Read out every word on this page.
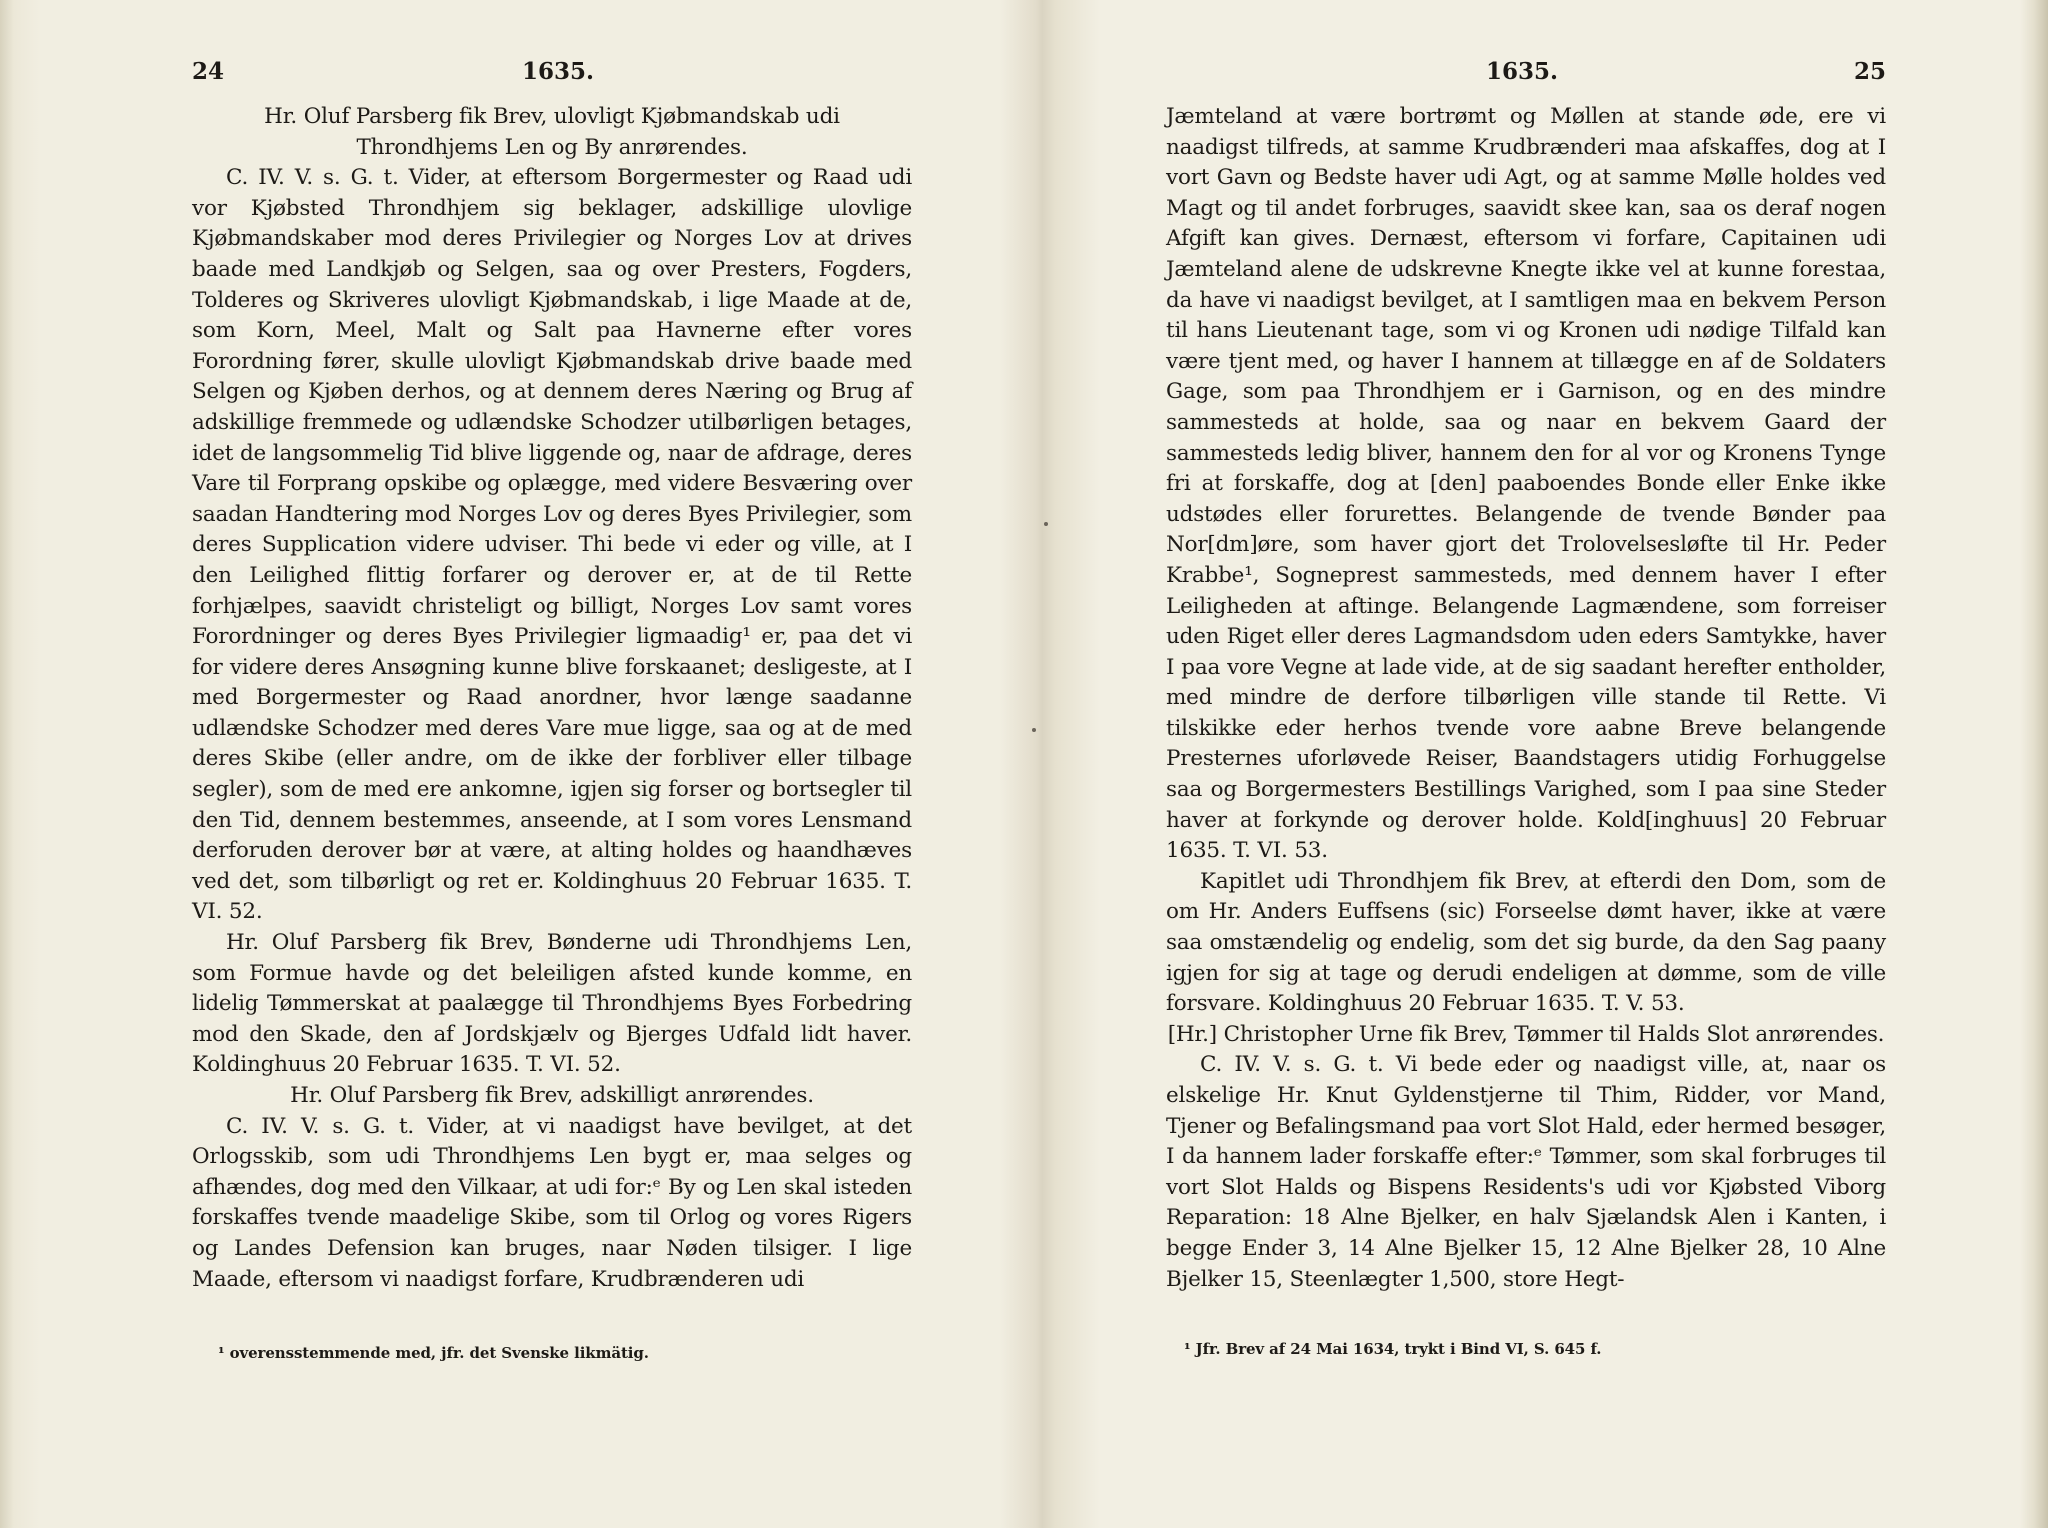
24	1635.

Hr. Oluf Parsberg fik Brev, ulovligt Kjøbmandskab udi Throndhjems Len og By anrørendes.

C. IV. V. s. G. t. Vider, at eftersom Borgermester og Raad udi vor Kjøbsted Throndhjem sig beklager, adskillige ulovlige Kjøbmandskaber mod deres Privilegier og Norges Lov at drives baade med Landkjøb og Selgen, saa og over Presters, Fogders, Tolderes og Skriveres ulovligt Kjøbmandskab, i lige Maade at de, som Korn, Meel, Malt og Salt paa Havnerne efter vores Forordning fører, skulle ulovligt Kjøbmandskab drive baade med Selgen og Kjøben derhos, og at dennem deres Næring og Brug af adskillige fremmede og udlændske Schodzer utilbørligen betages, idet de langsommelig Tid blive liggende og, naar de afdrage, deres Vare til Forprang opskibe og oplægge, med videre Besværing over saadan Handtering mod Norges Lov og deres Byes Privilegier, som deres Supplication videre udviser. Thi bede vi eder og ville, at I den Leilighed flittig forfarer og derover er, at de til Rette forhjælpes, saavidt christeligt og billigt, Norges Lov samt vores Forordninger og deres Byes Privilegier ligmaadig¹ er, paa det vi for videre deres Ansøgning kunne blive forskaanet; desligeste, at I med Borgermester og Raad anordner, hvor længe saadanne udlændske Schodzer med deres Vare mue ligge, saa og at de med deres Skibe (eller andre, om de ikke der forbliver eller tilbage segler), som de med ere ankomne, igjen sig forser og bortsegler til den Tid, dennem bestemmes, anseende, at I som vores Lensmand derforuden derover bør at være, at alting holdes og haandhæves ved det, som tilbørligt og ret er. Koldinghuus 20 Februar 1635. T. VI. 52.

Hr. Oluf Parsberg fik Brev, Bønderne udi Throndhjems Len, som Formue havde og det beleiligen afsted kunde komme, en lidelig Tømmerskat at paalægge til Throndhjems Byes Forbedring mod den Skade, den af Jordskjælv og Bjerges Udfald lidt haver. Koldinghuus 20 Februar 1635. T. VI. 52.

Hr. Oluf Parsberg fik Brev, adskilligt anrørendes.

C. IV. V. s. G. t. Vider, at vi naadigst have bevilget, at det Orlogsskib, som udi Throndhjems Len bygt er, maa selges og afhændes, dog med den Vilkaar, at udi for:ᵉ By og Len skal isteden forskaffes tvende maadelige Skibe, som til Orlog og vores Rigers og Landes Defension kan bruges, naar Nøden tilsiger. I lige Maade, eftersom vi naadigst forfare, Krudbrænderen udi

¹ overensstemmende med, jfr. det Svenske likmätig.
1635.	25

Jæmteland at være bortrømt og Møllen at stande øde, ere vi naadigst tilfreds, at samme Krudbrænderi maa afskaffes, dog at I vort Gavn og Bedste haver udi Agt, og at samme Mølle holdes ved Magt og til andet forbruges, saavidt skee kan, saa os deraf nogen Afgift kan gives. Dernæst, eftersom vi forfare, Capitainen udi Jæmteland alene de udskrevne Knegte ikke vel at kunne forestaa, da have vi naadigst bevilget, at I samtligen maa en bekvem Person til hans Lieutenant tage, som vi og Kronen udi nødige Tilfald kan være tjent med, og haver I hannem at tillægge en af de Soldaters Gage, som paa Throndhjem er i Garnison, og en des mindre sammesteds at holde, saa og naar en bekvem Gaard der sammesteds ledig bliver, hannem den for al vor og Kronens Tynge fri at forskaffe, dog at [den] paaboendes Bonde eller Enke ikke udstødes eller forurettes. Belangende de tvende Bønder paa Nor[dm]øre, som haver gjort det Trolovelsesløfte til Hr. Peder Krabbe¹, Sogneprest sammesteds, med dennem haver I efter Leiligheden at aftinge. Belangende Lagmændene, som forreiser uden Riget eller deres Lagmandsdom uden eders Samtykke, haver I paa vore Vegne at lade vide, at de sig saadant herefter entholder, med mindre de derfore tilbørligen ville stande til Rette. Vi tilskikke eder herhos tvende vore aabne Breve belangende Presternes uforløvede Reiser, Baandstagers utidig Forhuggelse saa og Borgermesters Bestillings Varighed, som I paa sine Steder haver at forkynde og derover holde. Kold[inghuus] 20 Februar 1635. T. VI. 53.

Kapitlet udi Throndhjem fik Brev, at efterdi den Dom, som de om Hr. Anders Euffsens (sic) Forseelse dømt haver, ikke at være saa omstændelig og endelig, som det sig burde, da den Sag paany igjen for sig at tage og derudi endeligen at dømme, som de ville forsvare. Koldinghuus 20 Februar 1635. T. V. 53.

[Hr.] Christopher Urne fik Brev, Tømmer til Halds Slot anrørendes.

C. IV. V. s. G. t. Vi bede eder og naadigst ville, at, naar os elskelige Hr. Knut Gyldenstjerne til Thim, Ridder, vor Mand, Tjener og Befalingsmand paa vort Slot Hald, eder hermed besøger, I da hannem lader forskaffe efter:ᵉ Tømmer, som skal forbruges til vort Slot Halds og Bispens Residents's udi vor Kjøbsted Viborg Reparation: 18 Alne Bjelker, en halv Sjælandsk Alen i Kanten, i begge Ender 3, 14 Alne Bjelker 15, 12 Alne Bjelker 28, 10 Alne Bjelker 15, Steenlægter 1,500, store Hegt-

¹ Jfr. Brev af 24 Mai 1634, trykt i Bind VI, S. 645 f.
